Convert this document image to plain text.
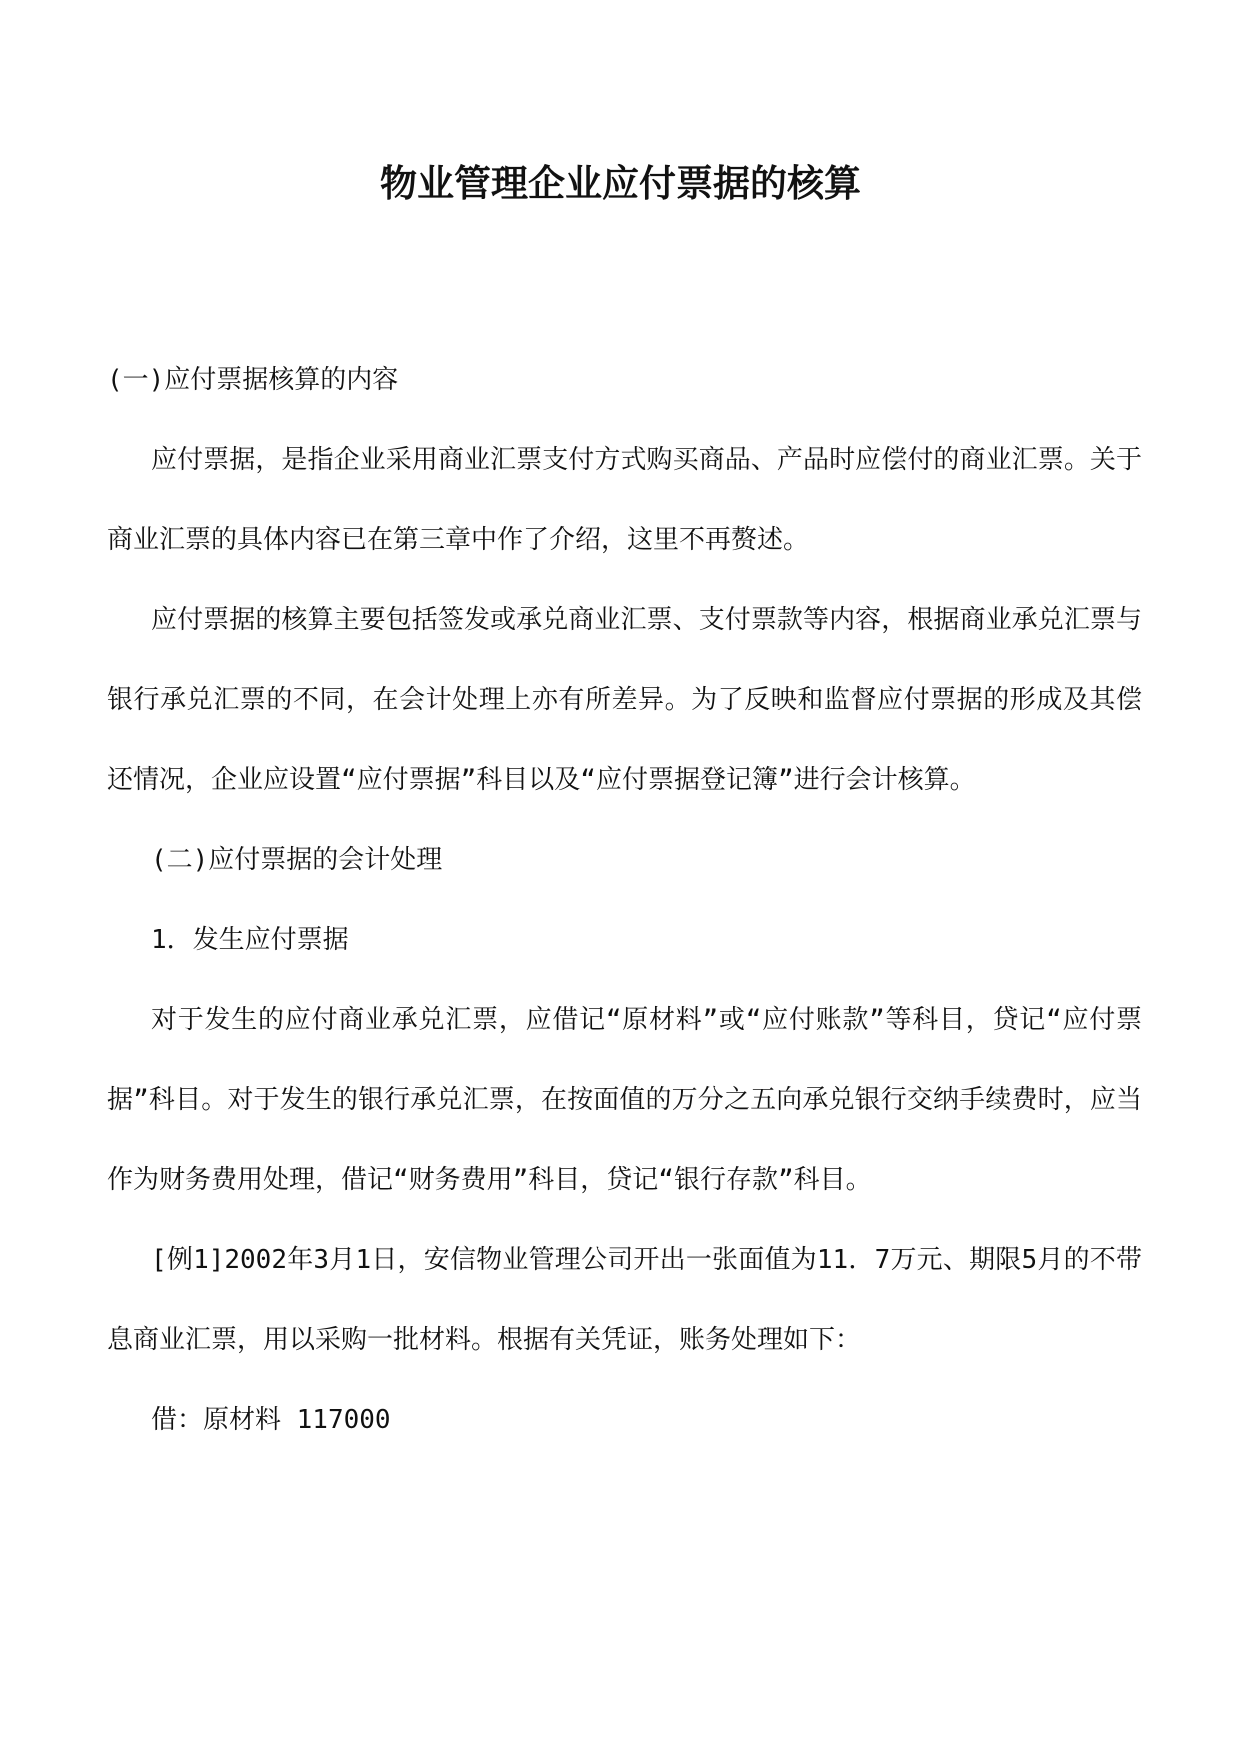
物业管理企业应付票据的核算

(一)应付票据核算的内容

应付票据，是指企业采用商业汇票支付方式购买商品、产品时应偿付的商业汇票。关于商业汇票的具体内容已在第三章中作了介绍，这里不再赘述。

应付票据的核算主要包括签发或承兑商业汇票、支付票款等内容，根据商业承兑汇票与银行承兑汇票的不同，在会计处理上亦有所差异。为了反映和监督应付票据的形成及其偿还情况，企业应设置“应付票据”科目以及“应付票据登记簿”进行会计核算。

(二)应付票据的会计处理

1．发生应付票据

对于发生的应付商业承兑汇票，应借记“原材料”或“应付账款”等科目，贷记“应付票据”科目。对于发生的银行承兑汇票，在按面值的万分之五向承兑银行交纳手续费时，应当作为财务费用处理，借记“财务费用”科目，贷记“银行存款”科目。

[例1]2002年3月1日，安信物业管理公司开出一张面值为11．7万元、期限5月的不带息商业汇票，用以采购一批材料。根据有关凭证，账务处理如下：

借：原材料 117000
